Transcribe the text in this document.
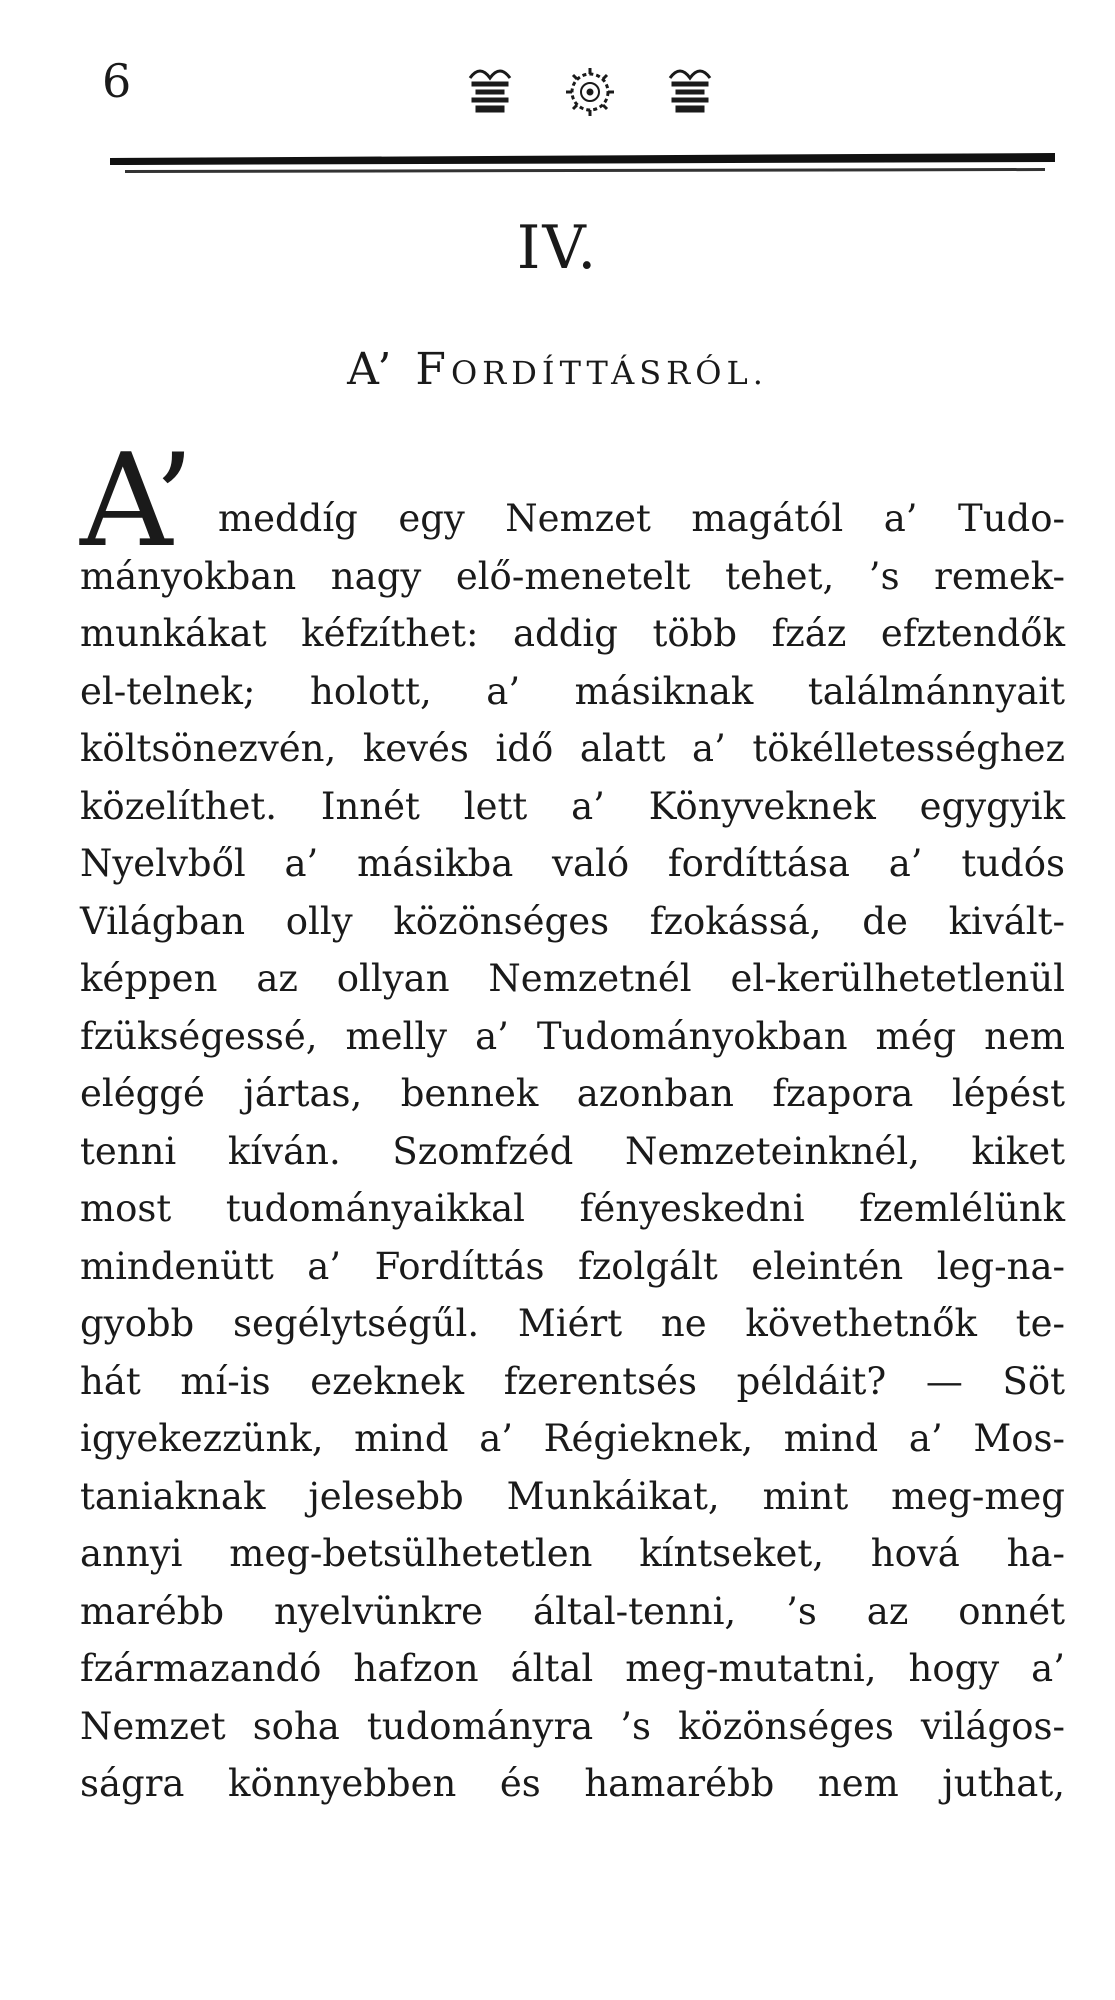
6
IV.
A’ FORDÍTTÁSRÓL.
A’ meddíg egy Nemzet magától a’ Tudo-
mányokban nagy elő-menetelt tehet, ’s remek-
munkákat kéfzíthet: addig több fzáz efztendők
el-telnek; holott, a’ másiknak találmánnyait
költsönezvén, kevés idő alatt a’ tökélletességhez
közelíthet. Innét lett a’ Könyveknek egygyik
Nyelvből a’ másikba való fordíttása a’ tudós
Világban olly közönséges fzokássá, de kivált-
képpen az ollyan Nemzetnél el-kerülhetetlenül
fzükségessé, melly a’ Tudományokban még nem
eléggé jártas, bennek azonban fzapora lépést
tenni kíván. Szomfzéd Nemzeteinknél, kiket
most tudományaikkal fényeskedni fzemlélünk
mindenütt a’ Fordíttás fzolgált eleintén leg-na-
gyobb segélytségűl. Miért ne követhetnők te-
hát mí-is ezeknek fzerentsés példáit? — Söt
igyekezzünk, mind a’ Régieknek, mind a’ Mos-
taniaknak jelesebb Munkáikat, mint meg-meg
annyi meg-betsülhetetlen kíntseket, hová ha-
marébb nyelvünkre által-tenni, ’s az onnét
fzármazandó hafzon által meg-mutatni, hogy a’
Nemzet soha tudományra ’s közönséges világos-
ságra könnyebben és hamarébb nem juthat,
